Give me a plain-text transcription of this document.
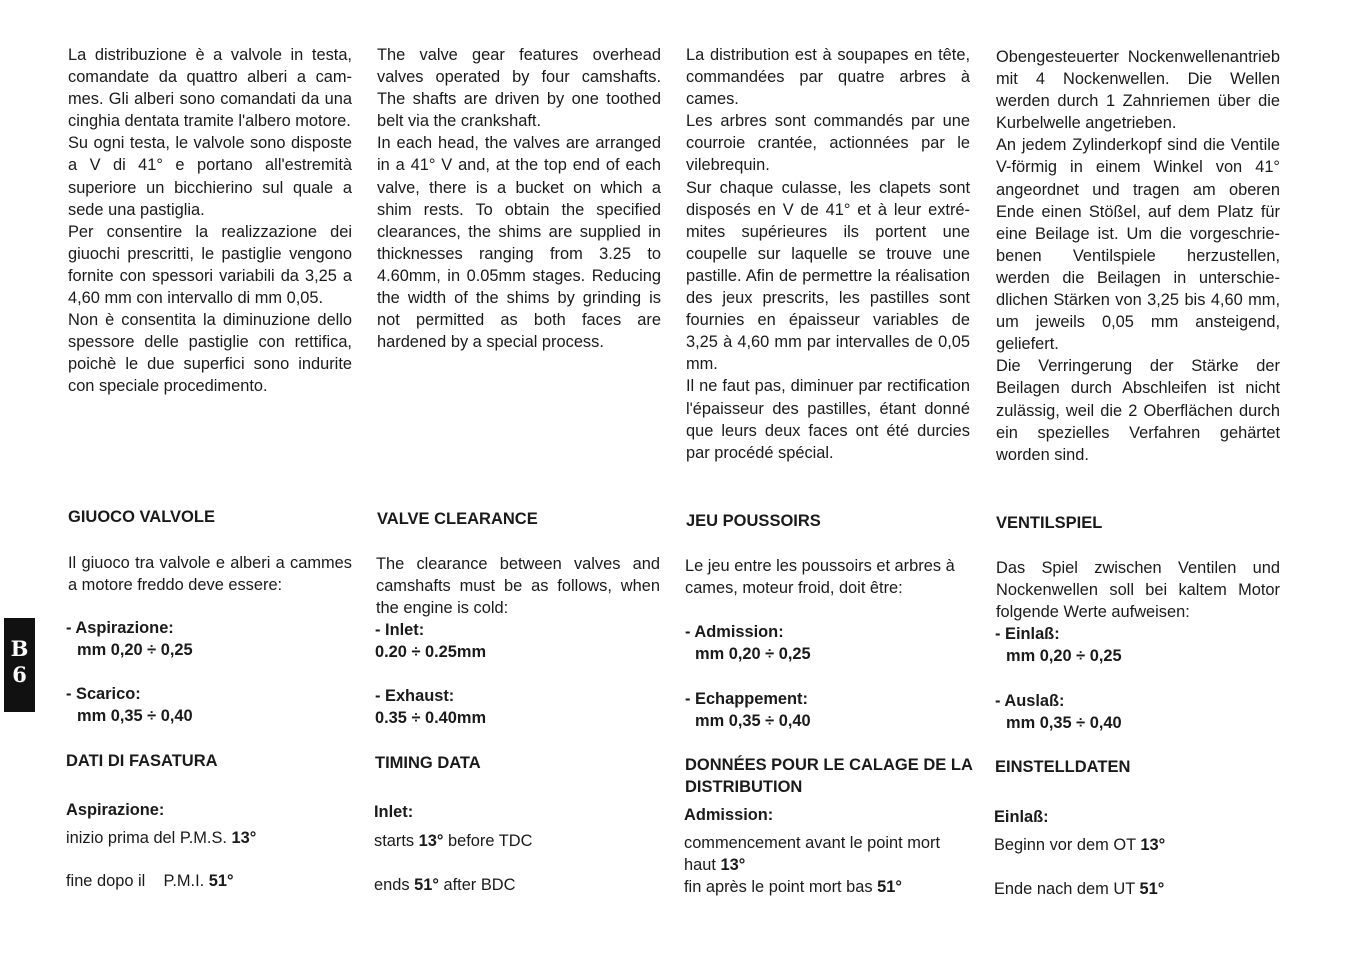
B
6

La distribuzione è a valvole in testa, comandate da quattro alberi a cammes. Gli alberi sono comandati da una cinghia dentata tramite l'albero motore.

Su ogni testa, le valvole sono disposte a V di 41° e portano all'estremità superiore un bicchierino sul quale a sede una pastiglia.

Per consentire la realizzazione dei giuochi prescritti, le pastiglie vengono fornite con spessori variabili da 3,25 a 4,60 mm con intervallo di mm 0,05.

Non è consentita la diminuzione dello spessore delle pastiglie con rettifica, poichè le due superfici sono indurite con speciale procedimento.

GIUOCO VALVOLE
Il giuoco tra valvole e alberi a cammes a motore freddo deve essere:
- Aspirazione:
mm 0,20 ÷ 0,25
- Scarico:
mm 0,35 ÷ 0,40
DATI DI FASATURA
Aspirazione:
inizio prima del P.M.S. 13°
fine dopo il    P.M.I. 51°

The valve gear features overhead valves operated by four camshafts. The shafts are driven by one toothed belt via the crankshaft.

In each head, the valves are arranged in a 41° V and, at the top end of each valve, there is a bucket on which a shim rests. To obtain the specified clearances, the shims are supplied in thicknesses ranging from 3.25 to 4.60mm, in 0.05mm stages. Reducing the width of the shims by grinding is not permitted as both faces are hardened by a special process.

VALVE CLEARANCE
The clearance between valves and camshafts must be as follows, when the engine is cold:
- Inlet:
0.20 ÷ 0.25mm
- Exhaust:
0.35 ÷ 0.40mm
TIMING DATA
Inlet:
starts 13° before TDC
ends 51° after BDC

La distribution est à soupapes en tête, commandées par quatre arbres à cames.

Les arbres sont commandés par une courroie crantée, actionnées par le vilebrequin.

Sur chaque culasse, les clapets sont disposés en V de 41° et à leur extrémites supérieures ils portent une coupelle sur laquelle se trouve une pastille. Afin de permettre la réalisation des jeux prescrits, les pastilles sont fournies en épaisseur variables de 3,25 à 4,60 mm par intervalles de 0,05 mm.

Il ne faut pas, diminuer par rectification l'épaisseur des pastilles, étant donné que leurs deux faces ont été durcies par procédé spécial.

JEU POUSSOIRS
Le jeu entre les poussoirs et arbres à cames, moteur froid, doit être:
- Admission:
mm 0,20 ÷ 0,25
- Echappement:
mm 0,35 ÷ 0,40
DONNÉES POUR LE CALAGE DE LA DISTRIBUTION
Admission:
commencement avant le point mort haut 13°
fin après le point mort bas 51°

Obengesteuerter Nockenwellenantrieb mit 4 Nockenwellen. Die Wellen werden durch 1 Zahnriemen über die Kurbelwelle angetrieben.

An jedem Zylinderkopf sind die Ventile V-förmig in einem Winkel von 41° angeordnet und tragen am oberen Ende einen Stößel, auf dem Platz für eine Beilage ist. Um die vorgeschriebenen Ventilspiele herzustellen, werden die Beilagen in unterschiedlichen Stärken von 3,25 bis 4,60 mm, um jeweils 0,05 mm ansteigend, geliefert.

Die Verringerung der Stärke der Beilagen durch Abschleifen ist nicht zulässig, weil die 2 Oberflächen durch ein spezielles Verfahren gehärtet worden sind.

VENTILSPIEL
Das Spiel zwischen Ventilen und Nockenwellen soll bei kaltem Motor folgende Werte aufweisen:
- Einlaß:
mm 0,20 ÷ 0,25
- Auslaß:
mm 0,35 ÷ 0,40
EINSTELLDATEN
Einlaß:
Beginn vor dem OT 13°
Ende nach dem UT 51°
